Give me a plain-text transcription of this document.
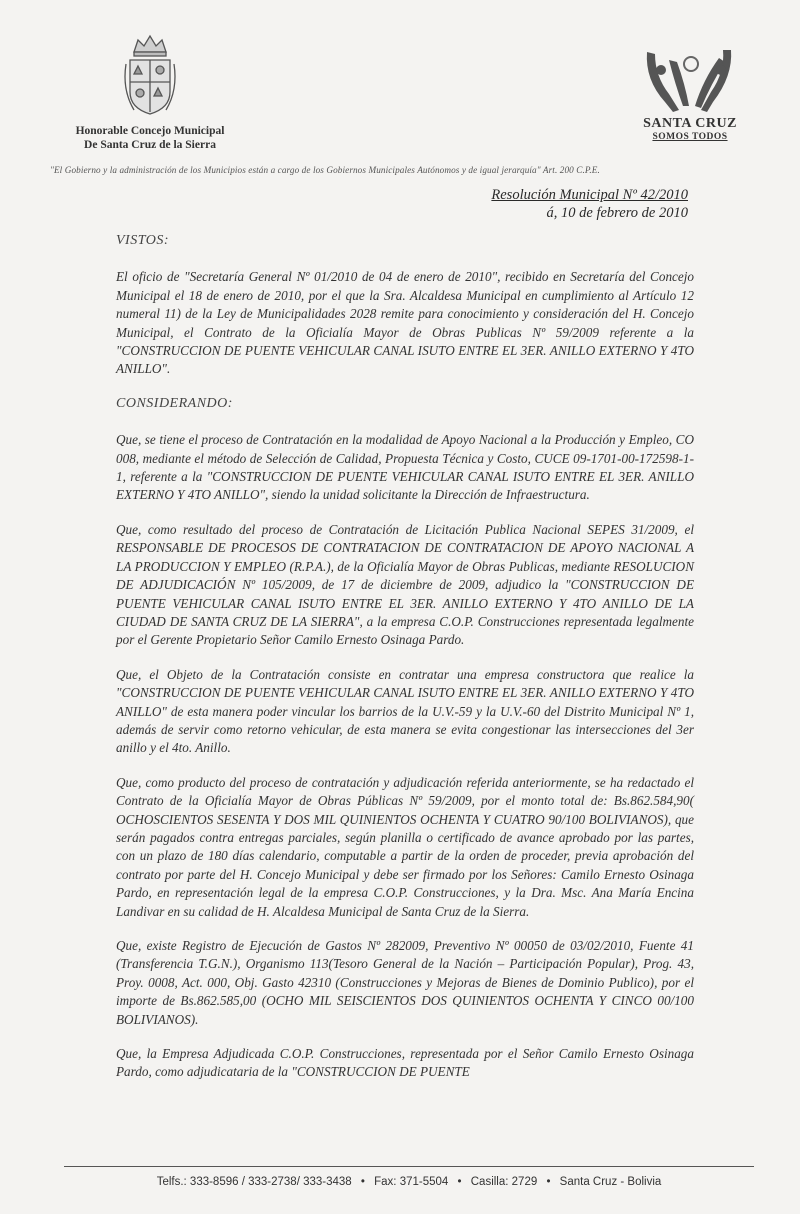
Honorable Concejo Municipal
De Santa Cruz de la Sierra
SANTA CRUZ
SOMOS TODOS
"El Gobierno y la administración de los Municipios están a cargo de los Gobiernos Municipales Autónomos y de igual jerarquía" Art. 200 C.P.E.
Resolución Municipal Nº 42/2010
á, 10 de febrero de 2010

VISTOS:

El oficio de "Secretaría General Nº 01/2010 de 04 de enero de 2010", recibido en Secretaría del Concejo Municipal el 18 de enero de 2010, por el que la Sra. Alcaldesa Municipal en cumplimiento al Artículo 12 numeral 11) de la Ley de Municipalidades 2028 remite para conocimiento y consideración del H. Concejo Municipal, el Contrato de la Oficialía Mayor de Obras Publicas Nº 59/2009 referente a la "CONSTRUCCION DE PUENTE VEHICULAR CANAL ISUTO ENTRE EL 3ER. ANILLO EXTERNO Y 4TO ANILLO".

CONSIDERANDO:

Que, se tiene el proceso de Contratación en la modalidad de Apoyo Nacional a la Producción y Empleo, CO 008, mediante el método de Selección de Calidad, Propuesta Técnica y Costo, CUCE 09-1701-00-172598-1-1, referente a la "CONSTRUCCION DE PUENTE VEHICULAR CANAL ISUTO ENTRE EL 3ER. ANILLO EXTERNO Y 4TO ANILLO", siendo la unidad solicitante la Dirección de Infraestructura.

Que, como resultado del proceso de Contratación de Licitación Publica Nacional SEPES 31/2009, el RESPONSABLE DE PROCESOS DE CONTRATACION DE CONTRATACION DE APOYO NACIONAL A LA PRODUCCION Y EMPLEO (R.P.A.), de la Oficialía Mayor de Obras Publicas, mediante RESOLUCION DE ADJUDICACIÓN Nº 105/2009, de 17 de diciembre de 2009, adjudico la "CONSTRUCCION DE PUENTE VEHICULAR CANAL ISUTO ENTRE EL 3ER. ANILLO EXTERNO Y 4TO ANILLO DE LA CIUDAD DE SANTA CRUZ DE LA SIERRA", a la empresa C.O.P. Construcciones representada legalmente por el Gerente Propietario Señor Camilo Ernesto Osinaga Pardo.

Que, el Objeto de la Contratación consiste en contratar una empresa constructora que realice la "CONSTRUCCION DE PUENTE VEHICULAR CANAL ISUTO ENTRE EL 3ER. ANILLO EXTERNO Y 4TO ANILLO" de esta manera poder vincular los barrios de la U.V.-59 y la U.V.-60 del Distrito Municipal Nº 1, además de servir como retorno vehicular, de esta manera se evita congestionar las intersecciones del 3er anillo y el 4to. Anillo.

Que, como producto del proceso de contratación y adjudicación referida anteriormente, se ha redactado el Contrato de la Oficialía Mayor de Obras Públicas Nº 59/2009, por el monto total de: Bs.862.584,90( OCHOSCIENTOS SESENTA Y DOS MIL QUINIENTOS OCHENTA Y CUATRO 90/100 BOLIVIANOS), que serán pagados contra entregas parciales, según planilla o certificado de avance aprobado por las partes, con un plazo de 180 días calendario, computable a partir de la orden de proceder, previa aprobación del contrato por parte del H. Concejo Municipal y debe ser firmado por los Señores: Camilo Ernesto Osinaga Pardo, en representación legal de la empresa C.O.P. Construcciones, y la Dra. Msc. Ana María Encina Landivar en su calidad de H. Alcaldesa Municipal de Santa Cruz de la Sierra.

Que, existe Registro de Ejecución de Gastos Nº 282009, Preventivo Nº 00050 de 03/02/2010, Fuente 41 (Transferencia T.G.N.), Organismo 113(Tesoro General de la Nación – Participación Popular), Prog. 43, Proy. 0008, Act. 000, Obj. Gasto 42310 (Construcciones y Mejoras de Bienes de Dominio Publico), por el importe de Bs.862.585,00 (OCHO MIL SEISCIENTOS DOS QUINIENTOS OCHENTA Y CINCO 00/100 BOLIVIANOS).

Que, la Empresa Adjudicada C.O.P. Construcciones, representada por el Señor Camilo Ernesto Osinaga Pardo, como adjudicataria de la "CONSTRUCCION DE PUENTE

Telfs.: 333-8596 / 333-2738/ 333-3438 • Fax: 371-5504 • Casilla: 2729 • Santa Cruz - Bolivia
